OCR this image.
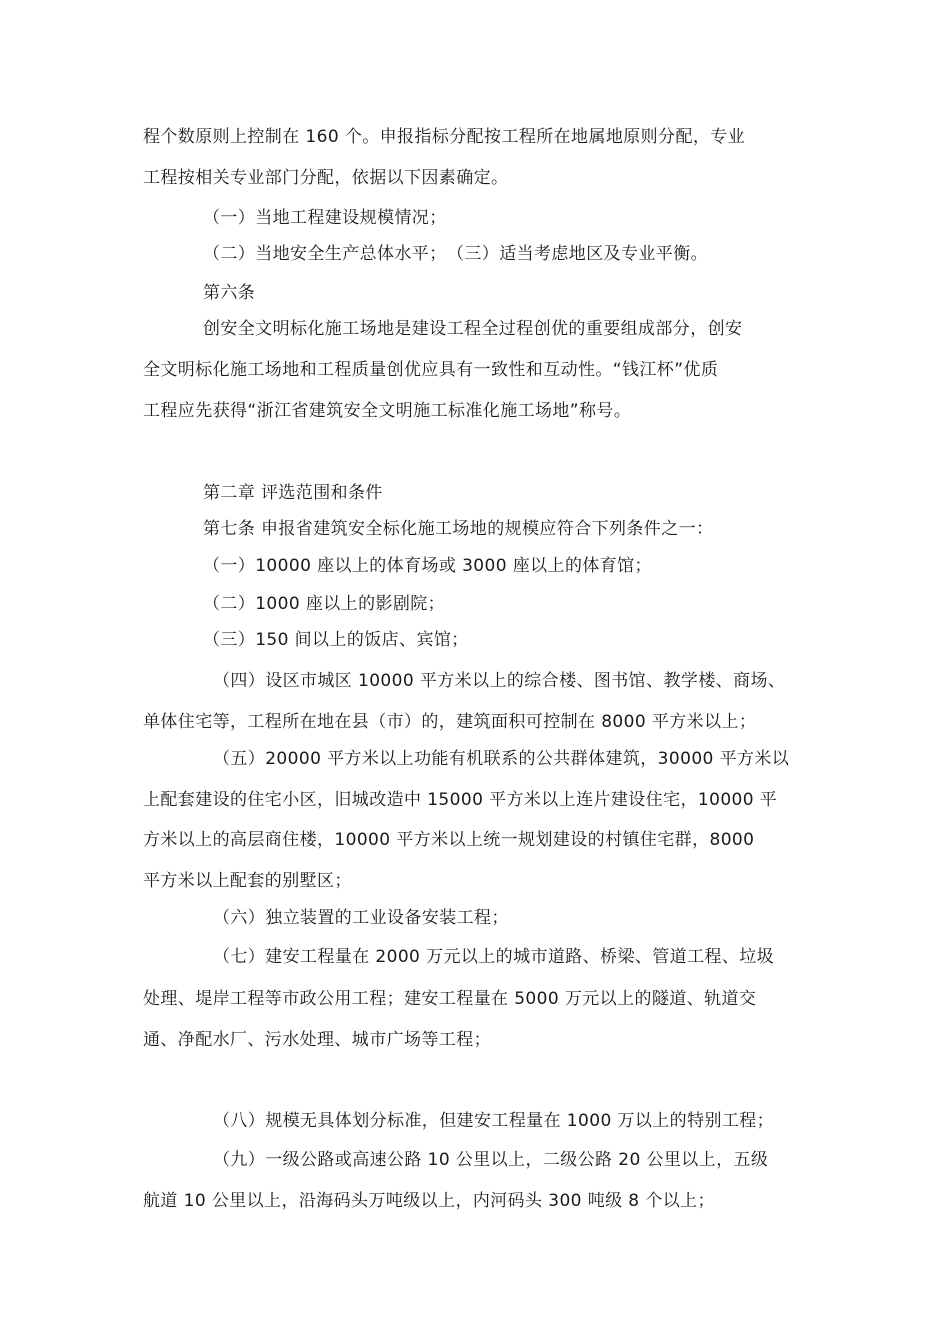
程个数原则上控制在 160 个。申报指标分配按工程所在地属地原则分配，专业
工程按相关专业部门分配，依据以下因素确定。
（一）当地工程建设规模情况；
（二）当地安全生产总体水平；　（三）适当考虑地区及专业平衡。
第六条
创安全文明标化施工场地是建设工程全过程创优的重要组成部分，创安
全文明标化施工场地和工程质量创优应具有一致性和互动性。“钱江杯”优质
工程应先获得“浙江省建筑安全文明施工标准化施工场地”称号。
第二章 评选范围和条件
第七条 申报省建筑安全标化施工场地的规模应符合下列条件之一：
（一）10000 座以上的体育场或 3000 座以上的体育馆；
（二）1000 座以上的影剧院；
（三）150 间以上的饭店、宾馆；
（四）设区市城区 10000 平方米以上的综合楼、图书馆、教学楼、商场、
单体住宅等，工程所在地在县（市）的，建筑面积可控制在 8000 平方米以上；
（五）20000 平方米以上功能有机联系的公共群体建筑，30000 平方米以
上配套建设的住宅小区，旧城改造中 15000 平方米以上连片建设住宅，10000 平
方米以上的高层商住楼，10000 平方米以上统一规划建设的村镇住宅群，8000
平方米以上配套的别墅区；
（六）独立装置的工业设备安装工程；
（七）建安工程量在 2000 万元以上的城市道路、桥梁、管道工程、垃圾
处理、堤岸工程等市政公用工程；建安工程量在 5000 万元以上的隧道、轨道交
通、净配水厂、污水处理、城市广场等工程；
（八）规模无具体划分标准，但建安工程量在 1000 万以上的特别工程；
（九）一级公路或高速公路 10 公里以上，二级公路 20 公里以上，五级
航道 10 公里以上，沿海码头万吨级以上，内河码头 300 吨级 8 个以上；
